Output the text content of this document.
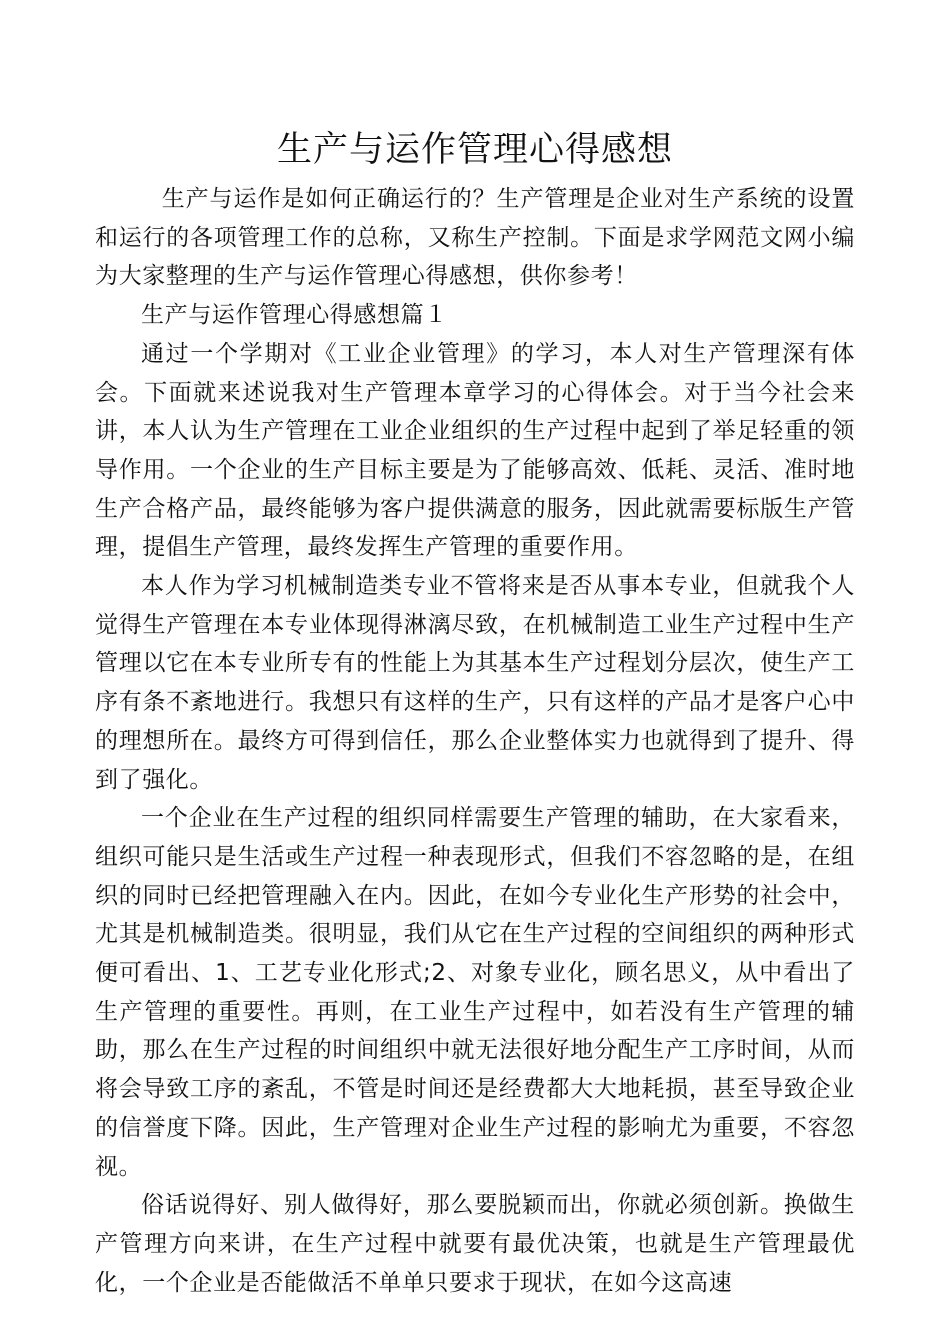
生产与运作管理心得感想

生产与运作是如何正确运行的？生产管理是企业对生产系统的设置和运行的各项管理工作的总称，又称生产控制。下面是求学网范文网小编为大家整理的生产与运作管理心得感想，供你参考！

生产与运作管理心得感想篇１

通过一个学期对《工业企业管理》的学习，本人对生产管理深有体会。下面就来述说我对生产管理本章学习的心得体会。对于当今社会来讲，本人认为生产管理在工业企业组织的生产过程中起到了举足轻重的领导作用。一个企业的生产目标主要是为了能够高效、低耗、灵活、准时地生产合格产品，最终能够为客户提供满意的服务，因此就需要标版生产管理，提倡生产管理，最终发挥生产管理的重要作用。

本人作为学习机械制造类专业不管将来是否从事本专业，但就我个人觉得生产管理在本专业体现得淋漓尽致，在机械制造工业生产过程中生产管理以它在本专业所专有的性能上为其基本生产过程划分层次，使生产工序有条不紊地进行。我想只有这样的生产，只有这样的产品才是客户心中的理想所在。最终方可得到信任，那么企业整体实力也就得到了提升、得到了强化。

一个企业在生产过程的组织同样需要生产管理的辅助，在大家看来，组织可能只是生活或生产过程一种表现形式，但我们不容忽略的是，在组织的同时已经把管理融入在内。因此，在如今专业化生产形势的社会中，尤其是机械制造类。很明显，我们从它在生产过程的空间组织的两种形式便可看出、1、工艺专业化形式;2、对象专业化，顾名思义，从中看出了生产管理的重要性。再则，在工业生产过程中，如若没有生产管理的辅助，那么在生产过程的时间组织中就无法很好地分配生产工序时间，从而将会导致工序的紊乱，不管是时间还是经费都大大地耗损，甚至导致企业的信誉度下降。因此，生产管理对企业生产过程的影响尤为重要，不容忽视。

俗话说得好、别人做得好，那么要脱颖而出，你就必须创新。换做生产管理方向来讲，在生产过程中就要有最优决策，也就是生产管理最优化，一个企业是否能做活不单单只要求于现状，在如今这高速
